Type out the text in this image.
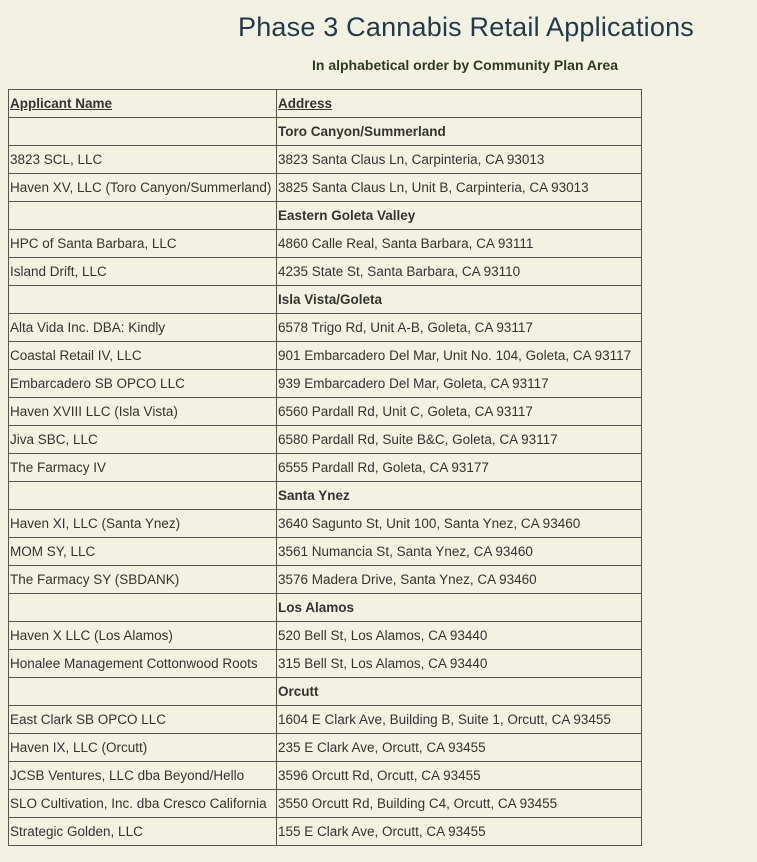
Phase 3 Cannabis Retail Applications

In alphabetical order by Community Plan Area

Applicant Name	Address
	Toro Canyon/Summerland
3823 SCL, LLC	3823 Santa Claus Ln, Carpinteria, CA 93013
Haven XV, LLC (Toro Canyon/Summerland)	3825 Santa Claus Ln, Unit B, Carpinteria, CA 93013
	Eastern Goleta Valley
HPC of Santa Barbara, LLC	4860 Calle Real, Santa Barbara, CA 93111
Island Drift, LLC	4235 State St, Santa Barbara, CA 93110
	Isla Vista/Goleta
Alta Vida Inc. DBA: Kindly	6578 Trigo Rd, Unit A-B, Goleta, CA 93117
Coastal Retail IV, LLC	901 Embarcadero Del Mar, Unit No. 104, Goleta, CA 93117
Embarcadero SB OPCO LLC	939 Embarcadero Del Mar, Goleta, CA 93117
Haven XVIII LLC (Isla Vista)	6560 Pardall Rd, Unit C, Goleta, CA 93117
Jiva SBC, LLC	6580 Pardall Rd, Suite B&C, Goleta, CA 93117
The Farmacy IV	6555 Pardall Rd, Goleta, CA 93177
	Santa Ynez
Haven XI, LLC (Santa Ynez)	3640 Sagunto St, Unit 100, Santa Ynez, CA 93460
MOM SY, LLC	3561 Numancia St, Santa Ynez, CA 93460
The Farmacy SY (SBDANK)	3576 Madera Drive, Santa Ynez, CA 93460
	Los Alamos
Haven X LLC (Los Alamos)	520 Bell St, Los Alamos, CA 93440
Honalee Management Cottonwood Roots	315 Bell St, Los Alamos, CA 93440
	Orcutt
East Clark SB OPCO LLC	1604 E Clark Ave, Building B, Suite 1, Orcutt, CA 93455
Haven IX, LLC (Orcutt)	235 E Clark Ave, Orcutt, CA 93455
JCSB Ventures, LLC dba Beyond/Hello	3596 Orcutt Rd, Orcutt, CA 93455
SLO Cultivation, Inc. dba Cresco California	3550 Orcutt Rd, Building C4, Orcutt, CA 93455
Strategic Golden, LLC	155 E Clark Ave, Orcutt, CA 93455
